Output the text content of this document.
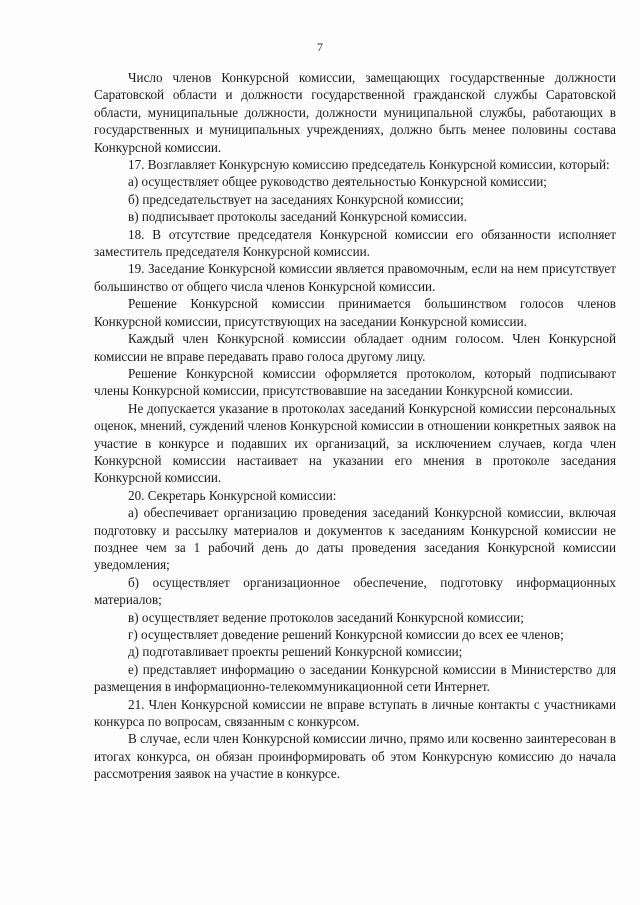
7

Число членов Конкурсной комиссии, замещающих государственные должности Саратовской области и должности государственной гражданской службы Саратовской области, муниципальные должности, должности муниципальной службы, работающих в государственных и муниципальных учреждениях, должно быть менее половины состава Конкурсной комиссии.

17. Возглавляет Конкурсную комиссию председатель Конкурсной комиссии, который:

а) осуществляет общее руководство деятельностью Конкурсной комиссии;

б) председательствует на заседаниях Конкурсной комиссии;

в) подписывает протоколы заседаний Конкурсной комиссии.

18. В отсутствие председателя Конкурсной комиссии его обязанности исполняет заместитель председателя Конкурсной комиссии.

19. Заседание Конкурсной комиссии является правомочным, если на нем присутствует большинство от общего числа членов Конкурсной комиссии.

Решение Конкурсной комиссии принимается большинством голосов членов Конкурсной комиссии, присутствующих на заседании Конкурсной комиссии.

Каждый член Конкурсной комиссии обладает одним голосом. Член Конкурсной комиссии не вправе передавать право голоса другому лицу.

Решение Конкурсной комиссии оформляется протоколом, который подписывают члены Конкурсной комиссии, присутствовавшие на заседании Конкурсной комиссии.

Не допускается указание в протоколах заседаний Конкурсной комиссии персональных оценок, мнений, суждений членов Конкурсной комиссии в отношении конкретных заявок на участие в конкурсе и подавших их организаций, за исключением случаев, когда член Конкурсной комиссии настаивает на указании его мнения в протоколе заседания Конкурсной комиссии.

20. Секретарь Конкурсной комиссии:

а) обеспечивает организацию проведения заседаний Конкурсной комиссии, включая подготовку и рассылку материалов и документов к заседаниям Конкурсной комиссии не позднее чем за 1 рабочий день до даты проведения заседания Конкурсной комиссии уведомления;

б) осуществляет организационное обеспечение, подготовку информационных материалов;

в) осуществляет ведение протоколов заседаний Конкурсной комиссии;

г) осуществляет доведение решений Конкурсной комиссии до всех ее членов;

д) подготавливает проекты решений Конкурсной комиссии;

е) представляет информацию о заседании Конкурсной комиссии в Министерство для размещения в информационно-телекоммуникационной сети Интернет.

21. Член Конкурсной комиссии не вправе вступать в личные контакты с участниками конкурса по вопросам, связанным с конкурсом.

В случае, если член Конкурсной комиссии лично, прямо или косвенно заинтересован в итогах конкурса, он обязан проинформировать об этом Конкурсную комиссию до начала рассмотрения заявок на участие в конкурсе.
